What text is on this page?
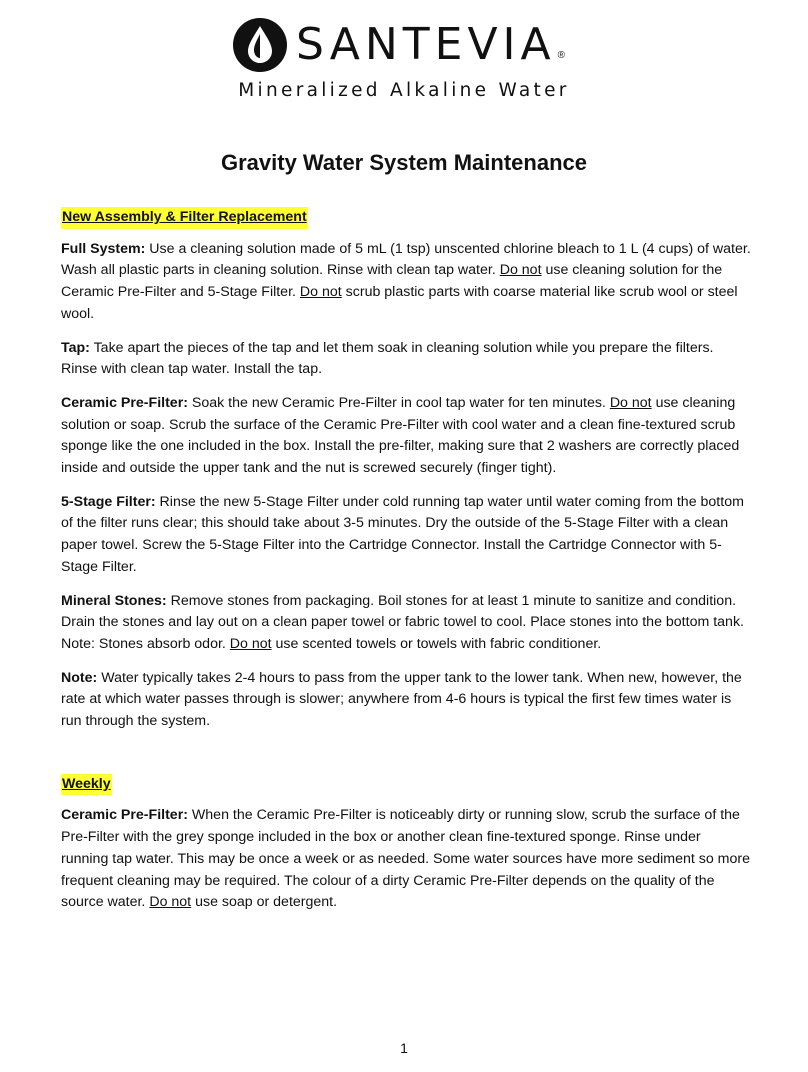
SANTEVIA ®
Mineralized Alkaline Water
Gravity Water System Maintenance
New Assembly & Filter Replacement

Full System: Use a cleaning solution made of 5 mL (1 tsp) unscented chlorine bleach to 1 L (4 cups) of water. Wash all plastic parts in cleaning solution. Rinse with clean tap water. Do not use cleaning solution for the Ceramic Pre-Filter and 5-Stage Filter. Do not scrub plastic parts with coarse material like scrub wool or steel wool.

Tap: Take apart the pieces of the tap and let them soak in cleaning solution while you prepare the filters. Rinse with clean tap water. Install the tap.

Ceramic Pre-Filter: Soak the new Ceramic Pre-Filter in cool tap water for ten minutes. Do not use cleaning solution or soap. Scrub the surface of the Ceramic Pre-Filter with cool water and a clean fine-textured scrub sponge like the one included in the box. Install the pre-filter, making sure that 2 washers are correctly placed inside and outside the upper tank and the nut is screwed securely (finger tight).

5-Stage Filter: Rinse the new 5-Stage Filter under cold running tap water until water coming from the bottom of the filter runs clear; this should take about 3-5 minutes. Dry the outside of the 5-Stage Filter with a clean paper towel. Screw the 5-Stage Filter into the Cartridge Connector. Install the Cartridge Connector with 5-Stage Filter.

Mineral Stones: Remove stones from packaging. Boil stones for at least 1 minute to sanitize and condition. Drain the stones and lay out on a clean paper towel or fabric towel to cool. Place stones into the bottom tank. Note: Stones absorb odor. Do not use scented towels or towels with fabric conditioner.

Note: Water typically takes 2-4 hours to pass from the upper tank to the lower tank. When new, however, the rate at which water passes through is slower; anywhere from 4-6 hours is typical the first few times water is run through the system.

Weekly

Ceramic Pre-Filter: When the Ceramic Pre-Filter is noticeably dirty or running slow, scrub the surface of the Pre-Filter with the grey sponge included in the box or another clean fine-textured sponge. Rinse under running tap water. This may be once a week or as needed. Some water sources have more sediment so more frequent cleaning may be required. The colour of a dirty Ceramic Pre-Filter depends on the quality of the source water. Do not use soap or detergent.

1
